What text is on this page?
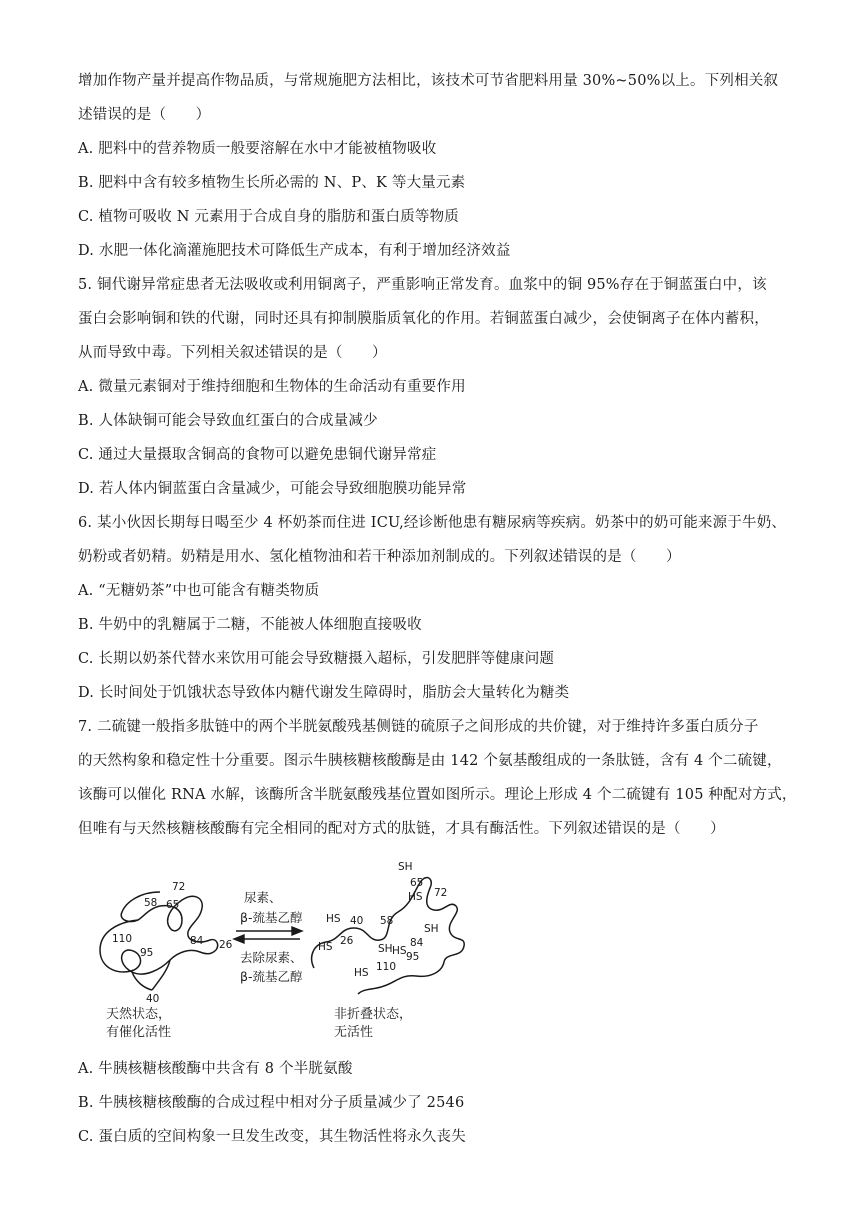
增加作物产量并提高作物品质，与常规施肥方法相比，该技术可节省肥料用量 30%~50%以上。下列相关叙
述错误的是（　　）
A. 肥料中的营养物质一般要溶解在水中才能被植物吸收
B. 肥料中含有较多植物生长所必需的 N、P、K 等大量元素
C. 植物可吸收 N 元素用于合成自身的脂肪和蛋白质等物质
D. 水肥一体化滴灌施肥技术可降低生产成本，有利于增加经济效益
5. 铜代谢异常症患者无法吸收或利用铜离子，严重影响正常发育。血浆中的铜 95%存在于铜蓝蛋白中，该
蛋白会影响铜和铁的代谢，同时还具有抑制膜脂质氧化的作用。若铜蓝蛋白减少，会使铜离子在体内蓄积，
从而导致中毒。下列相关叙述错误的是（　　）
A. 微量元素铜对于维持细胞和生物体的生命活动有重要作用
B. 人体缺铜可能会导致血红蛋白的合成量减少
C. 通过大量摄取含铜高的食物可以避免患铜代谢异常症
D. 若人体内铜蓝蛋白含量减少，可能会导致细胞膜功能异常
6. 某小伙因长期每日喝至少 4 杯奶茶而住进 ICU,经诊断他患有糖尿病等疾病。奶茶中的奶可能来源于牛奶、
奶粉或者奶精。奶精是用水、氢化植物油和若干种添加剂制成的。下列叙述错误的是（　　）
A. “无糖奶茶”中也可能含有糖类物质
B. 牛奶中的乳糖属于二糖，不能被人体细胞直接吸收
C. 长期以奶茶代替水来饮用可能会导致糖摄入超标，引发肥胖等健康问题
D. 长时间处于饥饿状态导致体内糖代谢发生障碍时，脂肪会大量转化为糖类
7. 二硫键一般指多肽链中的两个半胱氨酸残基侧链的硫原子之间形成的共价键，对于维持许多蛋白质分子
的天然构象和稳定性十分重要。图示牛胰核糖核酸酶是由 142 个氨基酸组成的一条肽链，含有 4 个二硫键，
该酶可以催化 RNA 水解，该酶所含半胱氨酸残基位置如图所示。理论上形成 4 个二硫键有 105 种配对方式，
但唯有与天然核糖核酸酶有完全相同的配对方式的肽链，才具有酶活性。下列叙述错误的是（　　）
72
58 65
110	84 26
95
40
尿素、
β-巯基乙醇
去除尿素、
β-巯基乙醇
天然状态，
有催化活性
SH
65
HS 72
HS 40 58
HS 26
SH 84
SH
95
HS
HS 110
非折叠状态，
无活性
A. 牛胰核糖核酸酶中共含有 8 个半胱氨酸
B. 牛胰核糖核酸酶的合成过程中相对分子质量减少了 2546
C. 蛋白质的空间构象一旦发生改变，其生物活性将永久丧失
